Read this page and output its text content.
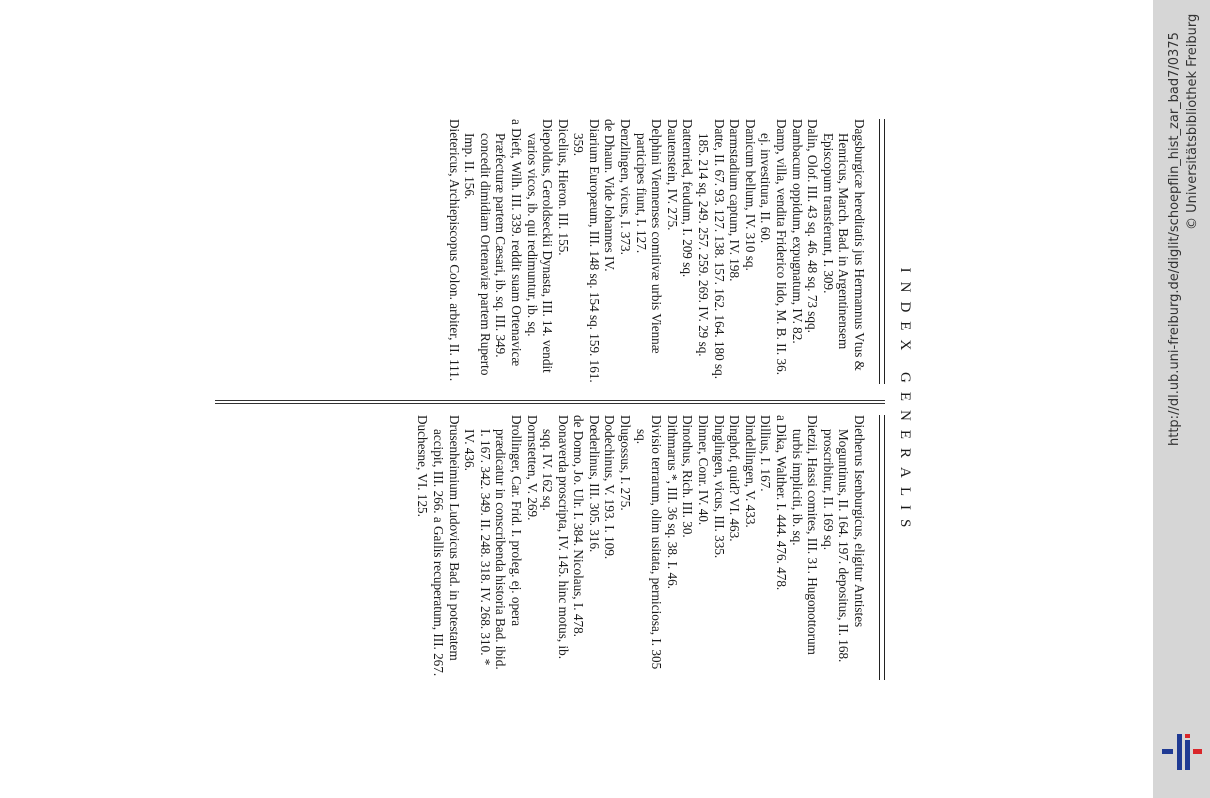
INDEX GENERALIS

Dagsburgicæ hereditatis jus Hermannus Vtus & Henricus, March. Bad. in Argentinensem Episcopum transferunt, I. 309.

Dalin, Olof. III. 43 sq. 46. 48 sq. 73 sqq.

Dambacum oppidum, expugnatum, IV. 82.

Damp, villa, vendita Friderico Iido, M. B. II. 36. ej. investitura, II. 60.

Danicum bellum, IV. 310 sq.

Darmstadium captum, IV. 198.

Datte, II. 67. 93. 127. 138. 157. 162. 164. 180 sq. 185. 214 sq. 249. 257. 259. 269. IV. 29 sq.

Dattenried, feudum, I. 209 sq.

Dautenstein, IV. 275.

Delphini Viennenses comitivæ urbis Viennæ participes fiunt, I. 127.

Denzlingen, vicus, I. 373.

de Dhaun. Vide Johannes IV.

Diarium Europæum, III. 148 sq. 154 sq. 159. 161. 359.

Dicelius, Hieron. III. 155.

Diepoldus, Geroldseckii Dynasta, III. 14. vendit varios vicos, ib. qui redimuntur, ib. sq.

a Dieft, Wilh. III. 339. reddit suam Ortenavicæ Præfecturæ partem Cæsari, ib. sq. III. 349. concedit dimidiam Ortenaviæ partem Ruperto Imp. II. 156.

Dietericus, Archiepiscopus Colon. arbiter, II. 111.

Dietherus Isenburgicus, eligitur Antistes Moguntinus, II. 164. 197. depositus, II. 168. proscribitur, II. 169 sq.

Dietzii, Hassi comites, III. 31. Hugonottorum turbis impliciti, ib. sq.

a Dika, Walther. I. 444. 476. 478.

Dillius, I. 167.

Dindellingen, V. 433.

Dinghof, quid? VI. 463.

Dinglingen, vicus, III. 335.

Dinner, Conr. IV. 40.

Dinothus, Rich. III. 30.

Dithmarus *, III. 36 sq. 38. I. 46.

Divisio terrarum, olim usitata, perniciosa, I. 305 sq.

Dlugossus, I. 275.

Dodechinus, V. 193. I. 109.

Dœderlinus, III. 305. 316.

de Domo, Jo. Ulr. I. 384. Nicolaus, I. 478.

Donaverda proscripta, IV. 145. hinc motus, ib. sqq. IV. 162 sq.

Dornstetten, V. 269.

Drollinger, Car. Frid. I. proleg. ej. opera prædicatur in conscribenda historia Bad. ibid. I. 167. 342. 349. II. 248. 318. IV. 268. 310. * IV. 436.

Drusenheimium Ludovicus Bad. in potestatem accipit, III. 266. a Gallis recuperatum, III. 267.

Duchesne, VI. 125.

http://dl.ub.uni-freiburg.de/diglit/schoepflin_hist_zar_bad7/0375 © Universitätsbibliothek Freiburg
